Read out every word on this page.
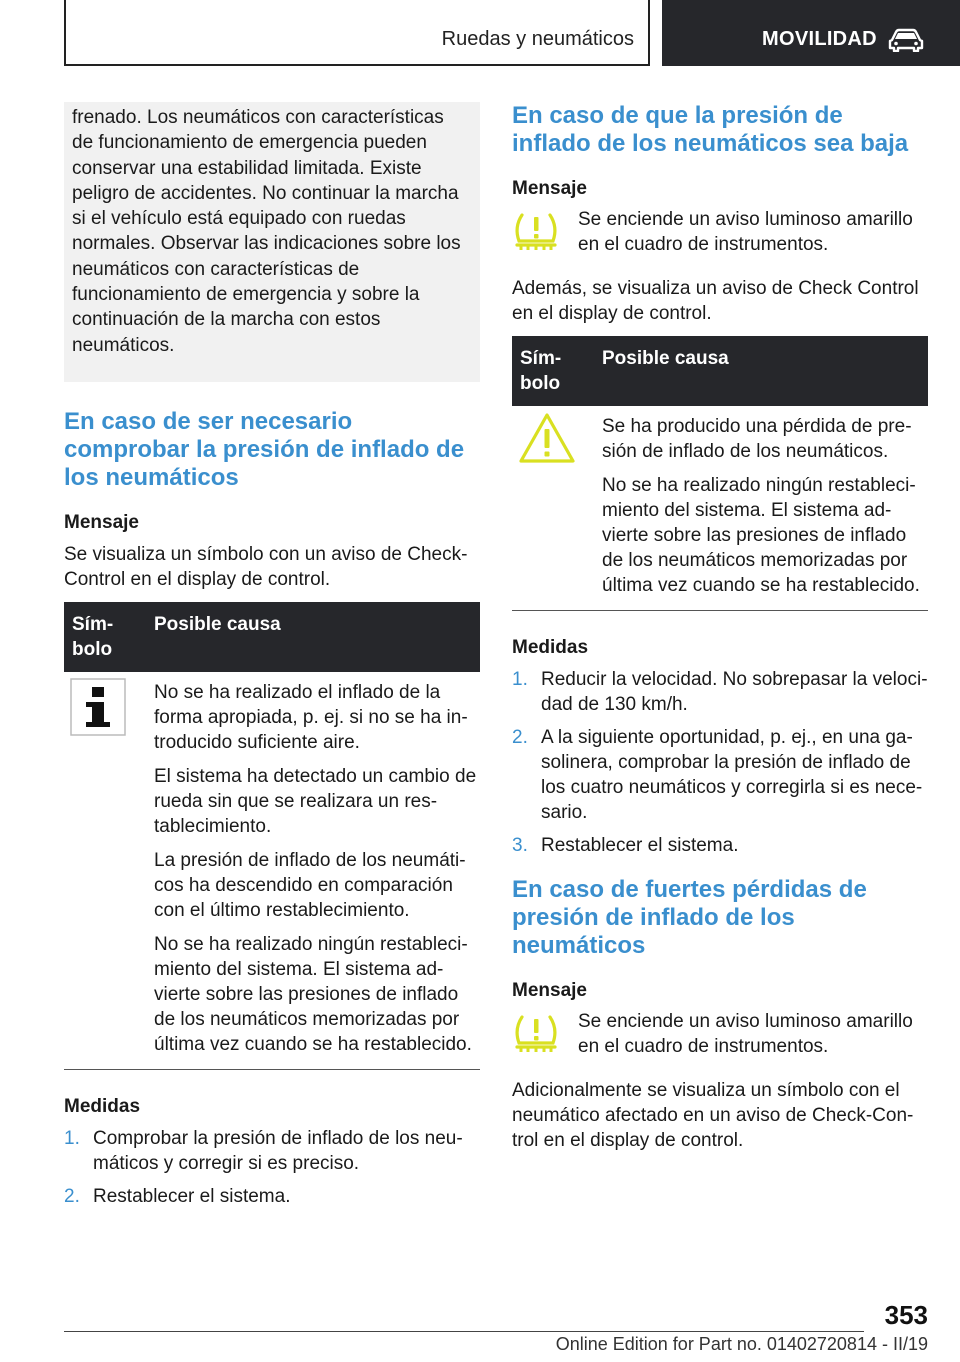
Ruedas y neumáticos	MOVILIDAD

frenado. Los neumáticos con características de funcionamiento de emergencia pueden conservar una estabilidad limitada. Existe peligro de accidentes. No continuar la marcha si el vehículo está equipado con ruedas normales. Observar las indicaciones sobre los neumáticos con características de funcionamiento de emergencia y sobre la continuación de la marcha con estos neumáticos.

En caso de ser necesario comprobar la presión de inflado de los neumáticos
Mensaje

Se visualiza un símbolo con un aviso de Check-Control en el display de control.

Símbolo	Posible causa

No se ha realizado el inflado de la forma apropiada, p. ej. si no se ha introducido suficiente aire.

El sistema ha detectado un cambio de rueda sin que se realizara un restablecimiento.

La presión de inflado de los neumáticos ha descendido en comparación con el último restablecimiento.

No se ha realizado ningún restablecimiento del sistema. El sistema advierte sobre las presiones de inflado de los neumáticos memorizadas por última vez cuando se ha restablecido.

Medidas
1. Comprobar la presión de inflado de los neumáticos y corregir si es preciso.
2. Restablecer el sistema.
En caso de que la presión de inflado de los neumáticos sea baja
Mensaje

Se enciende un aviso luminoso amarillo en el cuadro de instrumentos.

Además, se visualiza un aviso de Check Control en el display de control.

Símbolo	Posible causa

Se ha producido una pérdida de presión de inflado de los neumáticos.

No se ha realizado ningún restablecimiento del sistema. El sistema advierte sobre las presiones de inflado de los neumáticos memorizadas por última vez cuando se ha restablecido.

Medidas
1. Reducir la velocidad. No sobrepasar la velocidad de 130 km/h.
2. A la siguiente oportunidad, p. ej., en una gasolinera, comprobar la presión de inflado de los cuatro neumáticos y corregirla si es necesario.
3. Restablecer el sistema.
En caso de fuertes pérdidas de presión de inflado de los neumáticos
Mensaje

Se enciende un aviso luminoso amarillo en el cuadro de instrumentos.

Adicionalmente se visualiza un símbolo con el neumático afectado en un aviso de Check-Control en el display de control.

353
Online Edition for Part no. 01402720814 - II/19
